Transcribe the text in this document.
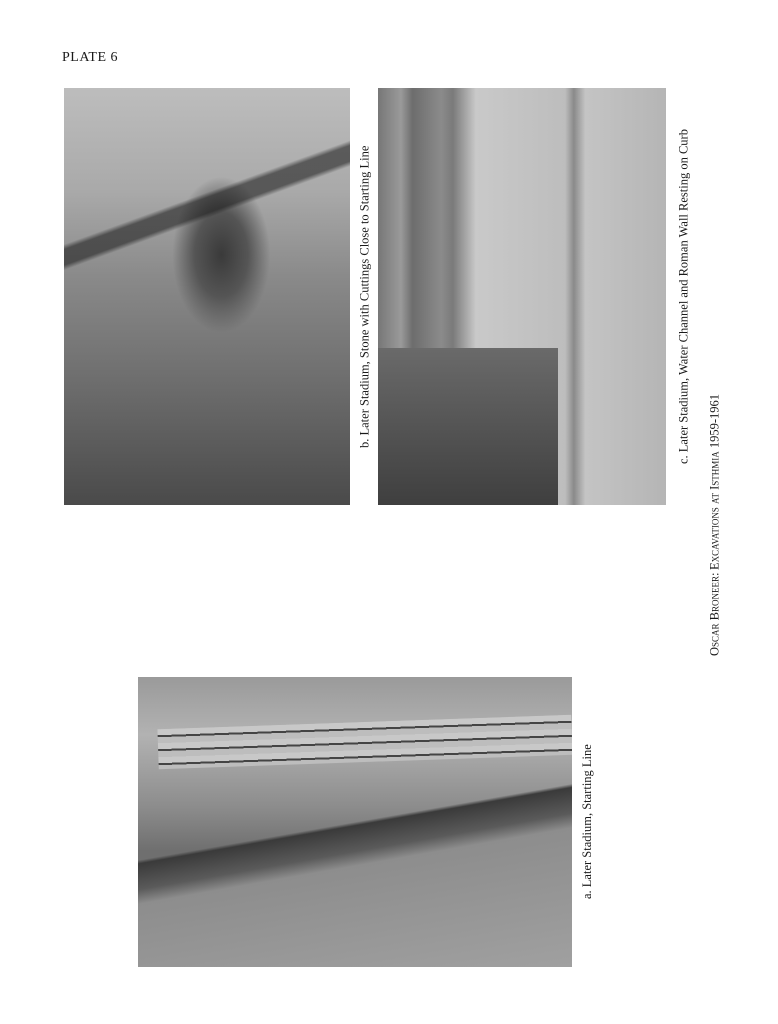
PLATE 6
b. Later Stadium, Stone with Cuttings Close to Starting Line	c. Later Stadium, Water Channel and Roman Wall Resting on Curb
Oscar Broneer:

Excavations at Isthmia 1959-1961
a. Later Stadium, Starting Line
